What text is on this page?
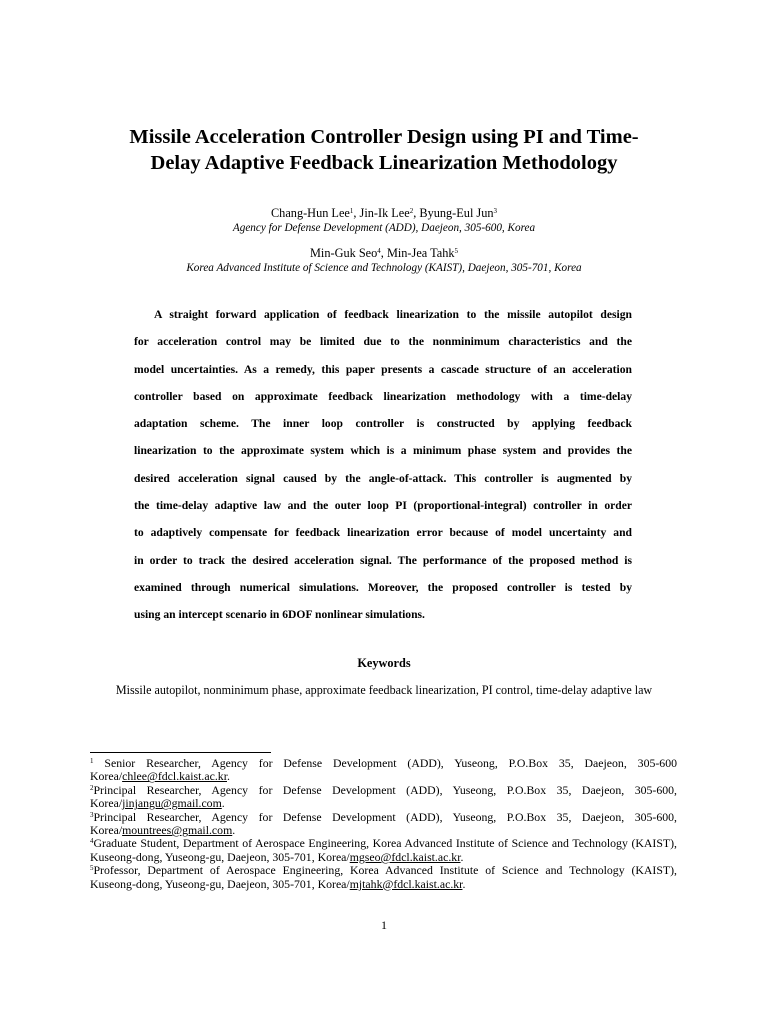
Missile Acceleration Controller Design using PI and Time-
Delay Adaptive Feedback Linearization Methodology
Chang-Hun Lee$^1$, Jin-Ik Lee$^2$, Byung-Eul Jun$^3$
Agency for Defense Development (ADD), Daejeon, 305-600, Korea
Min-Guk Seo$^4$, Min-Jea Tahk$^5$
Korea Advanced Institute of Science and Technology (KAIST), Daejeon, 305-701, Korea
A straight forward application of feedback linearization to the missile autopilot design
for acceleration control may be limited due to the nonminimum characteristics and the
model uncertainties. As a remedy, this paper presents a cascade structure of an acceleration
controller based on approximate feedback linearization methodology with a time-delay
adaptation scheme. The inner loop controller is constructed by applying feedback
linearization to the approximate system which is a minimum phase system and provides the
desired acceleration signal caused by the angle-of-attack. This controller is augmented by
the time-delay adaptive law and the outer loop PI (proportional-integral) controller in order
to adaptively compensate for feedback linearization error because of model uncertainty and
in order to track the desired acceleration signal. The performance of the proposed method is
examined through numerical simulations. Moreover, the proposed controller is tested by
using an intercept scenario in 6DOF nonlinear simulations.
Keywords
Missile autopilot, nonminimum phase, approximate feedback linearization, PI control, time-delay adaptive law

$^1$ Senior Researcher, Agency for Defense Development (ADD), Yuseong, P.O.Box 35, Daejeon, 305-600 Korea/chlee@fdcl.kaist.ac.kr.

$^2$Principal Researcher, Agency for Defense Development (ADD), Yuseong, P.O.Box 35, Daejeon, 305-600, Korea/jinjangu@gmail.com.

$^3$Principal Researcher, Agency for Defense Development (ADD), Yuseong, P.O.Box 35, Daejeon, 305-600, Korea/mountrees@gmail.com.

$^4$Graduate Student, Department of Aerospace Engineering, Korea Advanced Institute of Science and Technology (KAIST), Kuseong-dong, Yuseong-gu, Daejeon, 305-701, Korea/mgseo@fdcl.kaist.ac.kr.

$^5$Professor, Department of Aerospace Engineering, Korea Advanced Institute of Science and Technology (KAIST), Kuseong-dong, Yuseong-gu, Daejeon, 305-701, Korea/mjtahk@fdcl.kaist.ac.kr.

1
